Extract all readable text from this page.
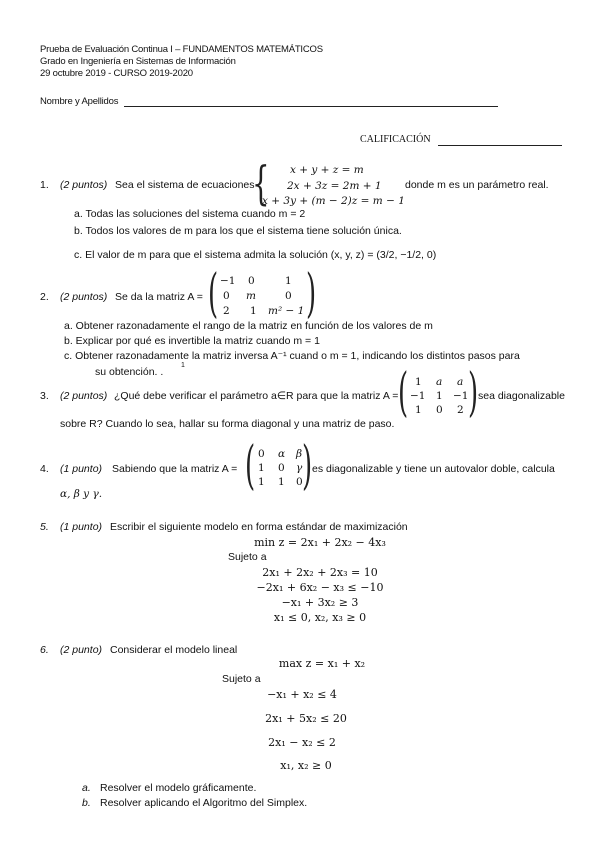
Prueba de Evaluación Continua I – FUNDAMENTOS MATEMÁTICOS
Grado en Ingeniería en Sistemas de Información
29 octubre 2019 - CURSO 2019-2020
Nombre y Apellidos
CALIFICACIÓN
1. (2 puntos) Sea el sistema de ecuaciones
{ x + y + z = m
2x + 3z = 2m + 1
x + 3y + (m − 2)z = m − 1
donde m es un parámetro real.
a. Todas las soluciones del sistema cuando m = 2
b. Todos los valores de m para los que el sistema tiene solución única.
c. El valor de m para que el sistema admita la solución (x, y, z) = (3/2, −1/2, 0)
2. (2 puntos) Se da la matriz A = ( −1 0	1
0 m	0
2 1 m² − 1 )
a. Obtener razonadamente el rango de la matriz en función de los valores de m
b. Explicar por qué es invertible la matriz cuando m = 1
c. Obtener razonadamente la matriz inversa A⁻¹ cuand o m = 1, indicando los distintos pasos para
su obtención. .
1
3. (2 puntos) ¿Qué debe verificar el parámetro a∈R para que la matriz A = ( 1 a a
−1 1 −1
1 0 2 ) sea diagonalizable
sobre R? Cuando lo sea, hallar su forma diagonal y una matriz de paso.
4. (1 punto) Sabiendo que la matriz A = ( 0 α β
1 0 γ
1 1 0 ) es diagonalizable y tiene un autovalor doble, calcula
α, β y γ.
5. (1 punto) Escribir el siguiente modelo en forma estándar de maximización
min z = 2x₁ + 2x₂ − 4x₃
Sujeto a
2x₁ + 2x₂ + 2x₃ = 10
−2x₁ + 6x₂ − x₃ ≤ −10
−x₁ + 3x₂ ≥ 3
x₁ ≤ 0, x₂, x₃ ≥ 0
6. (2 punto) Considerar el modelo lineal
max z = x₁ + x₂
Sujeto a
−x₁ + x₂ ≤ 4
2x₁ + 5x₂ ≤ 20
2x₁ − x₂ ≤ 2
x₁, x₂ ≥ 0
a. Resolver el modelo gráficamente.
b. Resolver aplicando el Algoritmo del Simplex.
